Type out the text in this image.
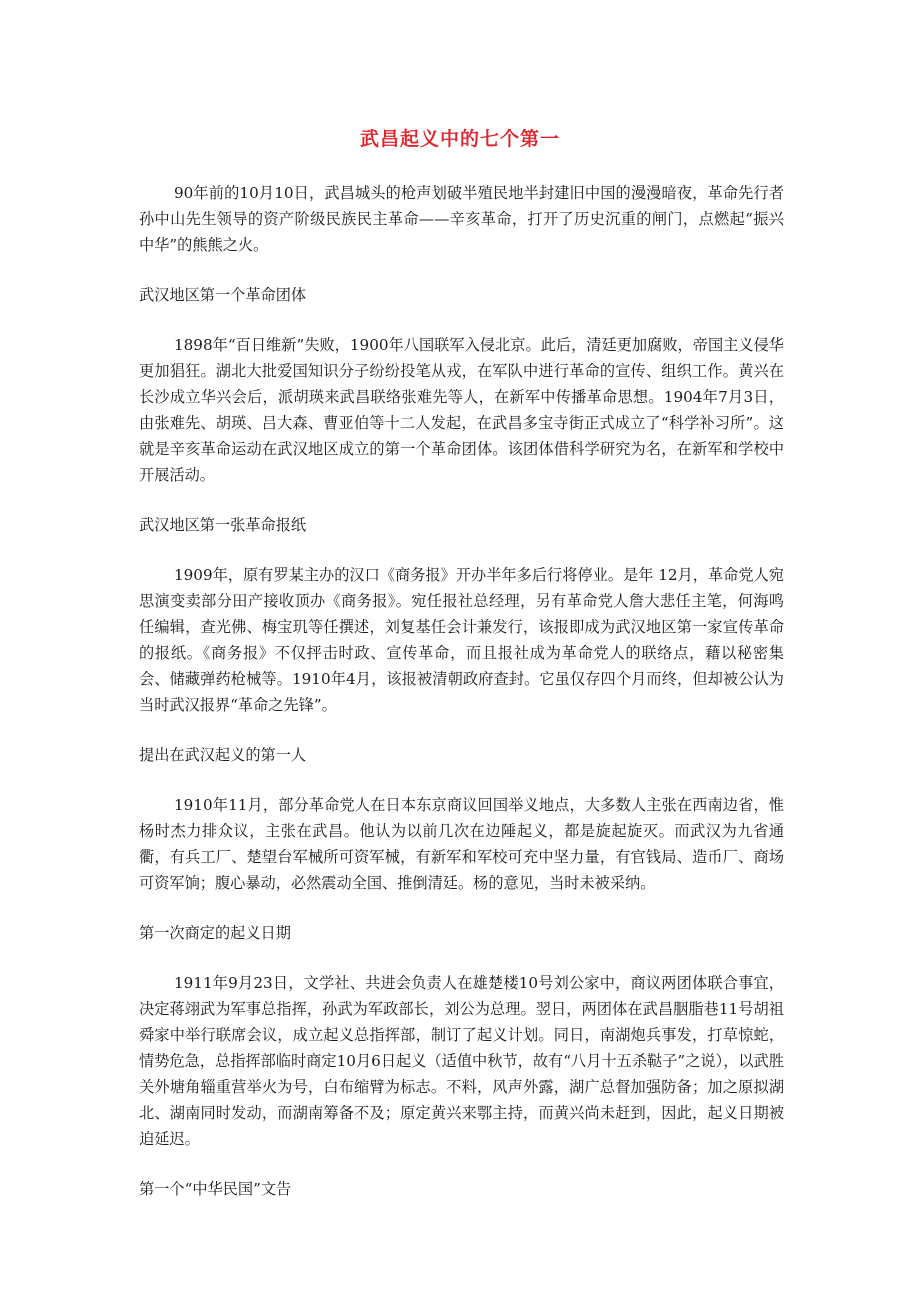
武昌起义中的七个第一

90年前的10月10日，武昌城头的枪声划破半殖民地半封建旧中国的漫漫暗夜，革命先行者孙中山先生领导的资产阶级民族民主革命——辛亥革命，打开了历史沉重的闸门，点燃起“振兴中华”的熊熊之火。

武汉地区第一个革命团体

1898年“百日维新”失败，1900年八国联军入侵北京。此后，清廷更加腐败，帝国主义侵华更加猖狂。湖北大批爱国知识分子纷纷投笔从戎，在军队中进行革命的宣传、组织工作。黄兴在长沙成立华兴会后，派胡瑛来武昌联络张难先等人，在新军中传播革命思想。1904年7月3日，由张难先、胡瑛、吕大森、曹亚伯等十二人发起，在武昌多宝寺街正式成立了“科学补习所”。这就是辛亥革命运动在武汉地区成立的第一个革命团体。该团体借科学研究为名，在新军和学校中开展活动。

武汉地区第一张革命报纸

1909年，原有罗某主办的汉口《商务报》开办半年多后行将停业。是年 12月，革命党人宛思演变卖部分田产接收顶办《商务报》。宛任报社总经理，另有革命党人詹大悲任主笔，何海鸣任编辑，查光佛、梅宝玑等任撰述，刘复基任会计兼发行，该报即成为武汉地区第一家宣传革命的报纸。《商务报》不仅抨击时政、宣传革命，而且报社成为革命党人的联络点，藉以秘密集会、储藏弹药枪械等。1910年4月，该报被清朝政府查封。它虽仅存四个月而终，但却被公认为当时武汉报界“革命之先锋”。

提出在武汉起义的第一人

1910年11月，部分革命党人在日本东京商议回国举义地点，大多数人主张在西南边省，惟杨时杰力排众议，主张在武昌。他认为以前几次在边陲起义，都是旋起旋灭。而武汉为九省通衢，有兵工厂、楚望台军械所可资军械，有新军和军校可充中坚力量，有官钱局、造币厂、商场可资军饷；腹心暴动，必然震动全国、推倒清廷。杨的意见，当时未被采纳。

第一次商定的起义日期

1911年9月23日，文学社、共进会负责人在雄楚楼10号刘公家中，商议两团体联合事宜，决定蒋翊武为军事总指挥，孙武为军政部长，刘公为总理。翌日，两团体在武昌胭脂巷11号胡祖舜家中举行联席会议，成立起义总指挥部，制订了起义计划。同日，南湖炮兵事发，打草惊蛇，情势危急，总指挥部临时商定10月6日起义（适值中秋节，故有“八月十五杀鞑子”之说），以武胜关外塘角辎重营举火为号，白布缩臂为标志。不料，风声外露，湖广总督加强防备；加之原拟湖北、湖南同时发动，而湖南筹备不及；原定黄兴来鄂主持，而黄兴尚未赶到，因此，起义日期被迫延迟。

第一个“中华民国”文告
